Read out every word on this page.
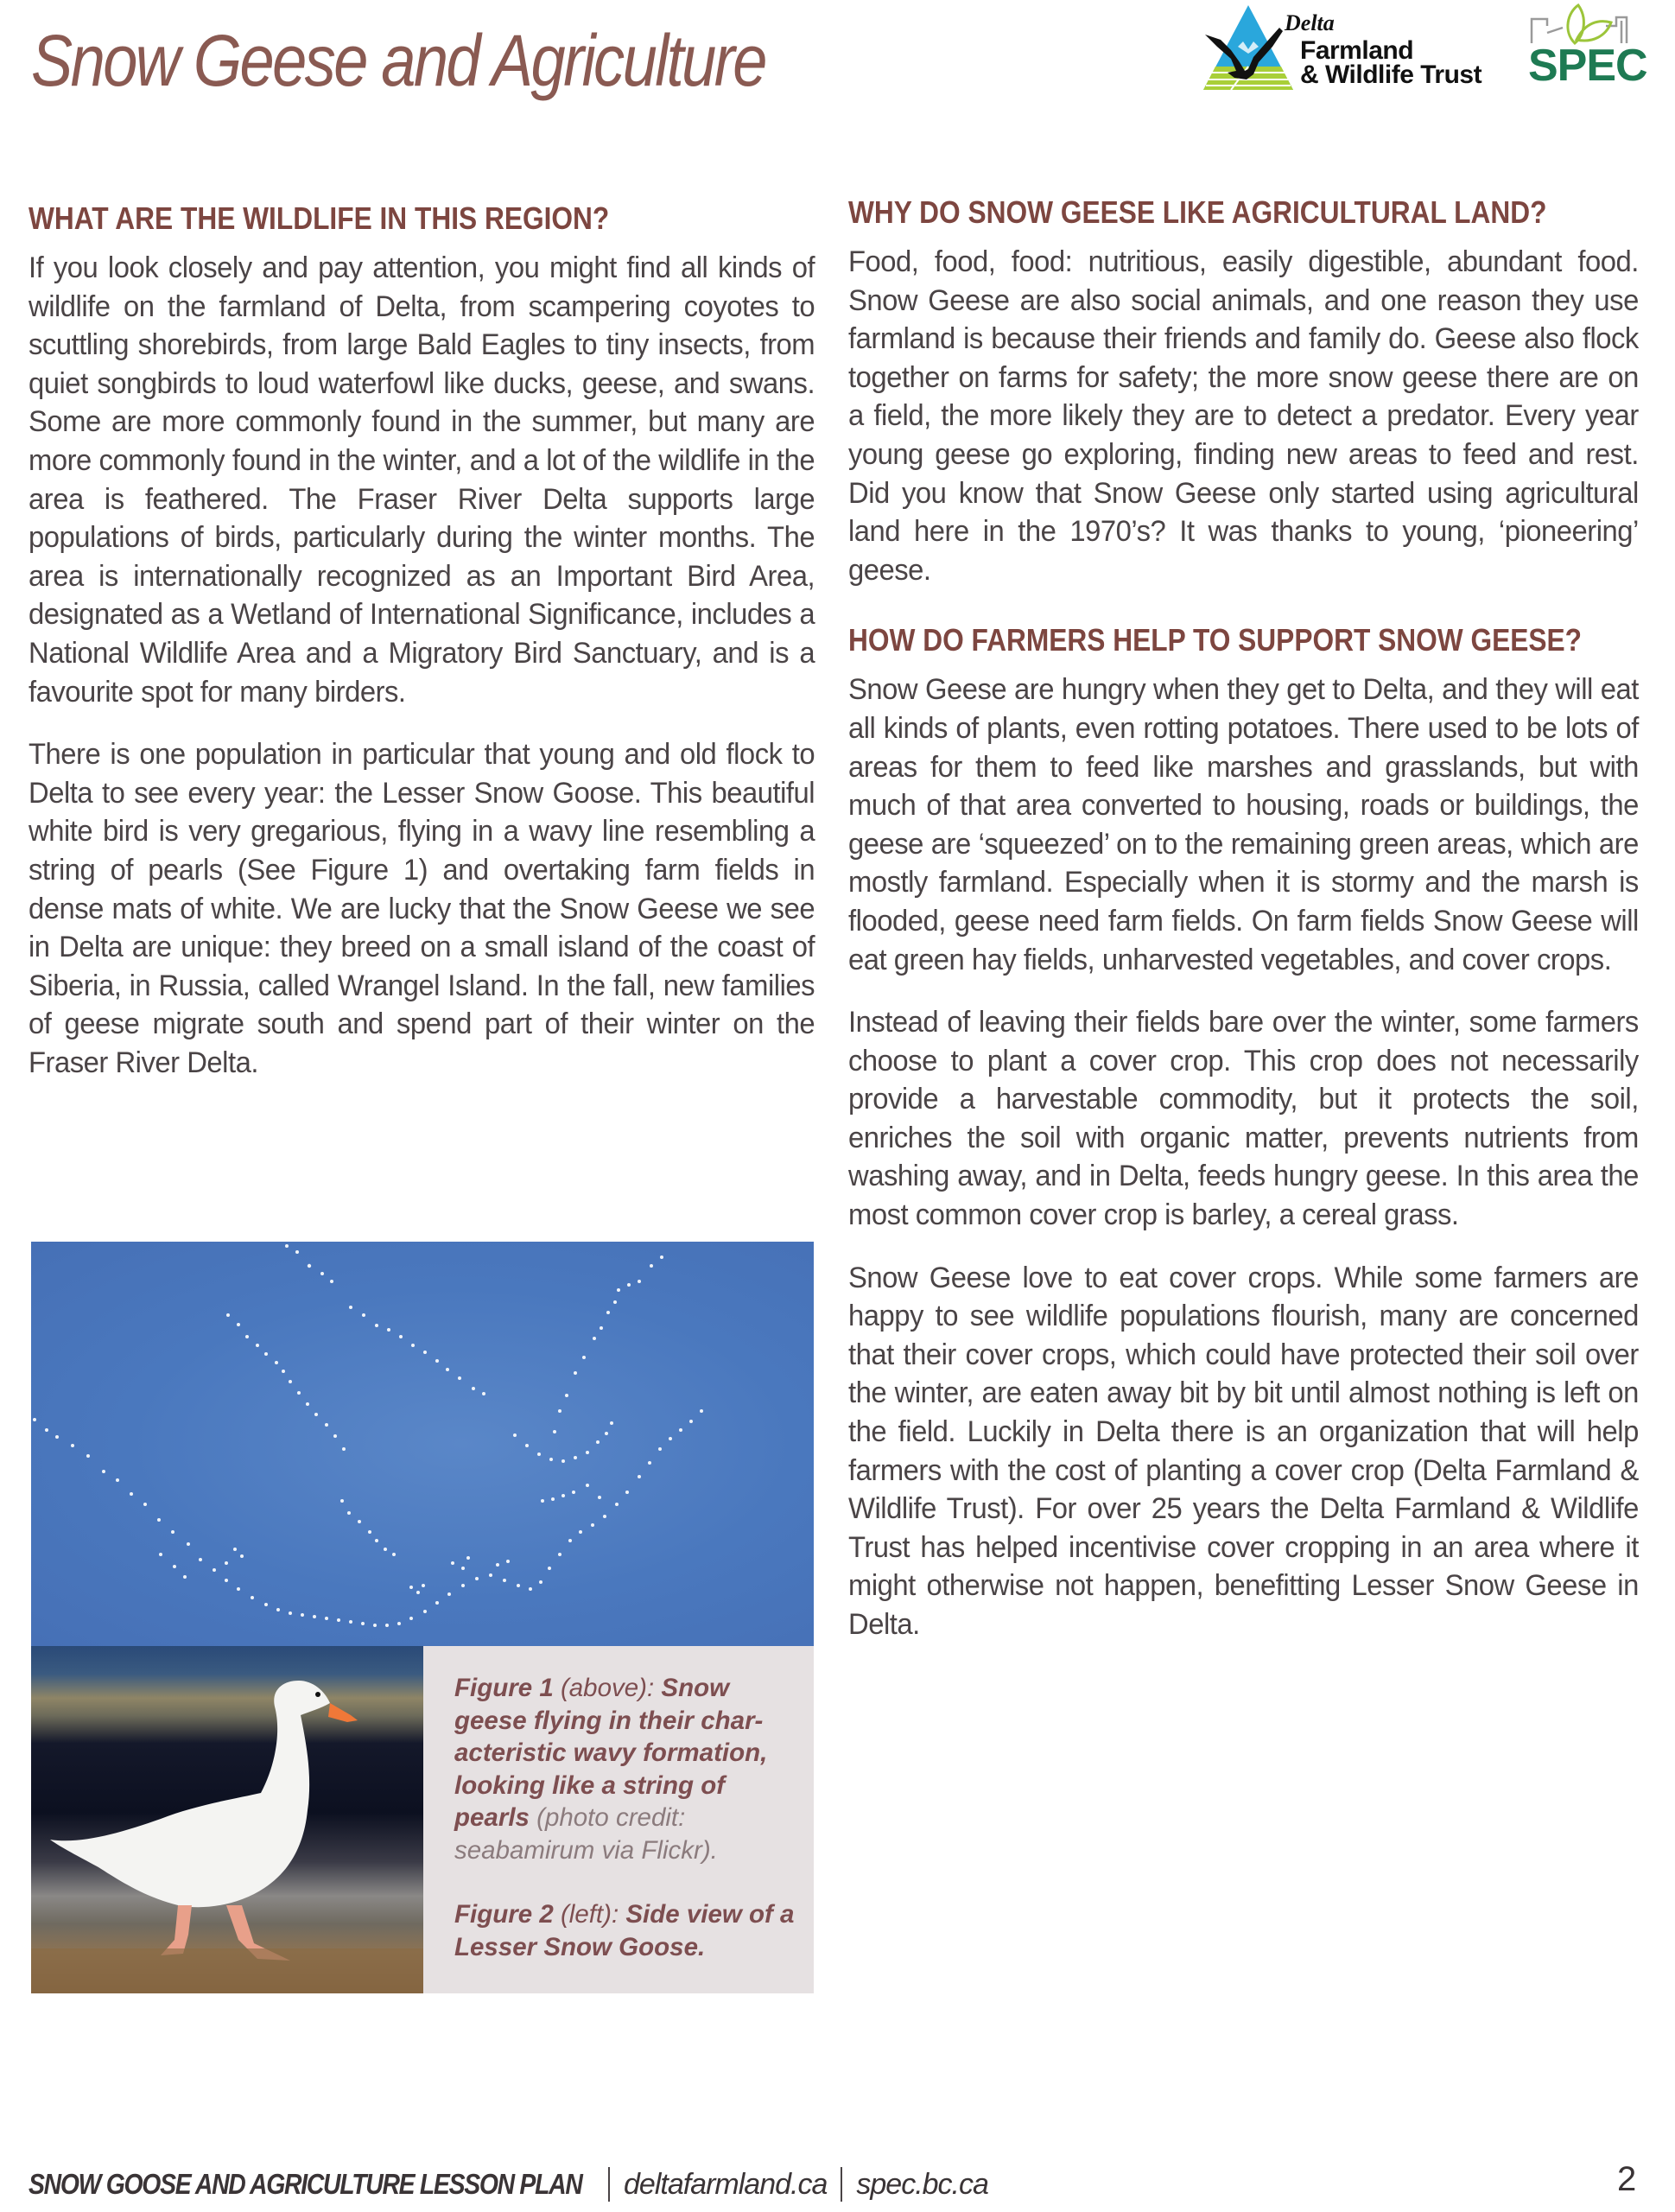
Snow Geese and Agriculture	Delta
Farmland
& Wildlife Trust SPEC
WHAT ARE THE WILDLIFE IN THIS REGION?

If you look closely and pay attention, you might find all kinds of wildlife on the farmland of Delta, from scampering coyotes to scuttling shorebirds, from large Bald Eagles to tiny insects, from quiet songbirds to loud waterfowl like ducks, geese, and swans. Some are more commonly found in the summer, but many are more commonly found in the winter, and a lot of the wildlife in the area is feathered. The Fraser River Delta supports large populations of birds, particularly during the winter months. The area is internationally recognized as an Important Bird Area, designated as a Wetland of International Significance, includes a National Wildlife Area and a Migratory Bird Sanctuary, and is a favourite spot for many birders.

There is one population in particular that young and old flock to Delta to see every year: the Lesser Snow Goose. This beautiful white bird is very gregarious, flying in a wavy line resembling a string of pearls (See Figure 1) and overtaking farm fields in dense mats of white. We are lucky that the Snow Geese we see in Delta are unique: they breed on a small island of the coast of Siberia, in Russia, called Wrangel Island. In the fall, new families of geese migrate south and spend part of their winter on the Fraser River Delta.

Figure 1 (above): Snow geese flying in their characteristic wavy formation, looking like a string of pearls (photo credit: seabamirum via Flickr).

Figure 2 (left): Side view of a Lesser Snow Goose.

WHY DO SNOW GEESE LIKE AGRICULTURAL LAND?

Food, food, food: nutritious, easily digestible, abundant food. Snow Geese are also social animals, and one reason they use farmland is because their friends and family do. Geese also flock together on farms for safety; the more snow geese there are on a field, the more likely they are to detect a predator. Every year young geese go exploring, finding new areas to feed and rest. Did you know that Snow Geese only started using agricultural land here in the 1970’s? It was thanks to young, ‘pioneering’ geese.

HOW DO FARMERS HELP TO SUPPORT SNOW GEESE?

Snow Geese are hungry when they get to Delta, and they will eat all kinds of plants, even rotting potatoes. There used to be lots of areas for them to feed like marshes and grasslands, but with much of that area converted to housing, roads or buildings, the geese are ‘squeezed’ on to the remaining green areas, which are mostly farmland. Especially when it is stormy and the marsh is flooded, geese need farm fields. On farm fields Snow Geese will eat green hay fields, unharvested vegetables, and cover crops.

Instead of leaving their fields bare over the winter, some farmers choose to plant a cover crop. This crop does not necessarily provide a harvestable commodity, but it protects the soil, enriches the soil with organic matter, prevents nutrients from washing away, and in Delta, feeds hungry geese. In this area the most common cover crop is barley, a cereal grass.

Snow Geese love to eat cover crops. While some farmers are happy to see wildlife populations flourish, many are concerned that their cover crops, which could have protected their soil over the winter, are eaten away bit by bit until almost nothing is left on the field. Luckily in Delta there is an organization that will help farmers with the cost of planting a cover crop (Delta Farmland & Wildlife Trust). For over 25 years the Delta Farmland & Wildlife Trust has helped incentivise cover cropping in an area where it might otherwise not happen, benefitting Lesser Snow Geese in Delta.

SNOW GOOSE AND AGRICULTURE LESSON PLAN deltafarmland.ca spec.bc.ca	2
